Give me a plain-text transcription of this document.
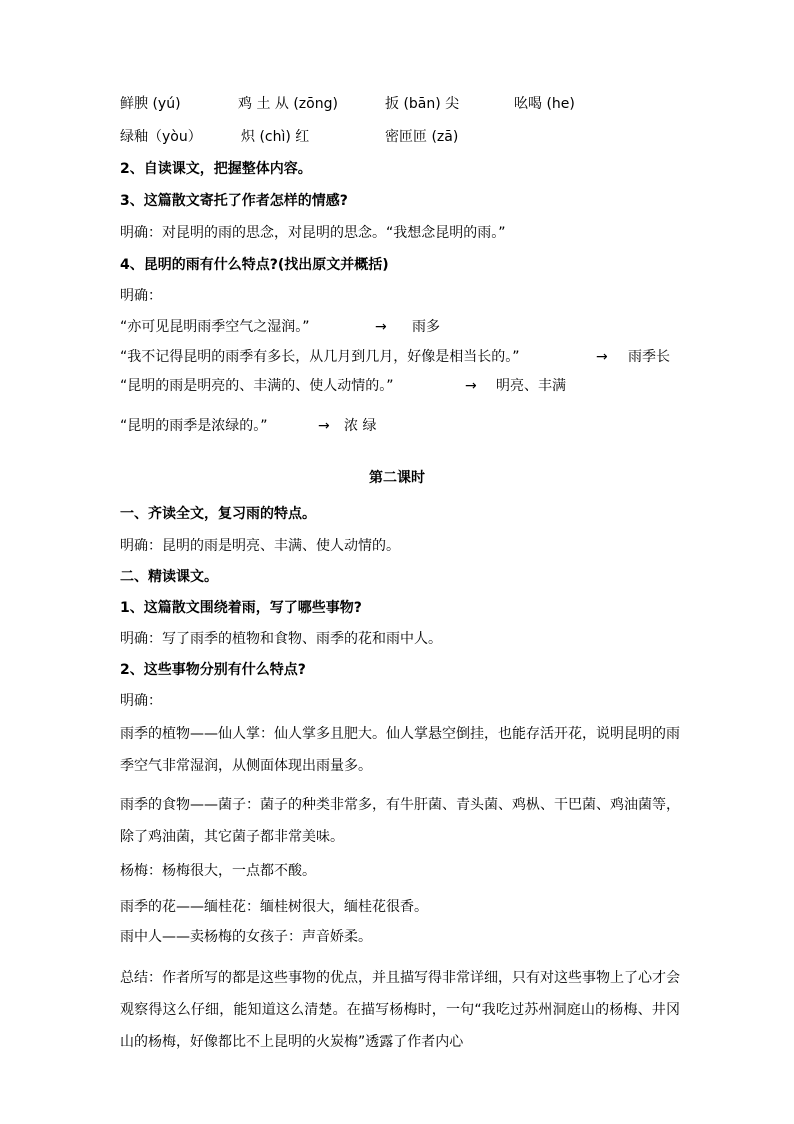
鲜腴 (yú)	鸡 土 从 (zōng)	扳 (bān) 尖	吆喝 (he)
绿釉（yòu）	炽 (chì) 红	密匝匝 (zā)
2、自读课文，把握整体内容。
3、这篇散文寄托了作者怎样的情感?
明确：对昆明的雨的思念，对昆明的思念。“我想念昆明的雨。”
4、昆明的雨有什么特点?(找出原文并概括)
明确：
“亦可见昆明雨季空气之湿润。”	→ 雨多
“我不记得昆明的雨季有多长，从几月到几月，好像是相当长的。”	→ 雨季长
“昆明的雨是明亮的、丰满的、使人动情的。”	→ 明亮、丰满
“昆明的雨季是浓绿的。”	→ 浓 绿
第二课时
一、齐读全文，复习雨的特点。
明确：昆明的雨是明亮、丰满、使人动情的。
二、精读课文。
1、这篇散文围绕着雨，写了哪些事物?
明确：写了雨季的植物和食物、雨季的花和雨中人。
2、这些事物分别有什么特点?
明确：
雨季的植物——仙人掌：仙人掌多且肥大。仙人掌悬空倒挂，也能存活开花，说明昆明的雨季空气非常湿润，从侧面体现出雨量多。
雨季的食物——菌子：菌子的种类非常多，有牛肝菌、青头菌、鸡枞、干巴菌、鸡油菌等，除了鸡油菌，其它菌子都非常美味。
杨梅：杨梅很大，一点都不酸。
雨季的花——缅桂花：缅桂树很大，缅桂花很香。
雨中人——卖杨梅的女孩子：声音娇柔。
总结：作者所写的都是这些事物的优点，并且描写得非常详细，只有对这些事物上了心才会观察得这么仔细，能知道这么清楚。在描写杨梅时，一句“我吃过苏州洞庭山的杨梅、井冈山的杨梅，好像都比不上昆明的火炭梅”透露了作者内心
